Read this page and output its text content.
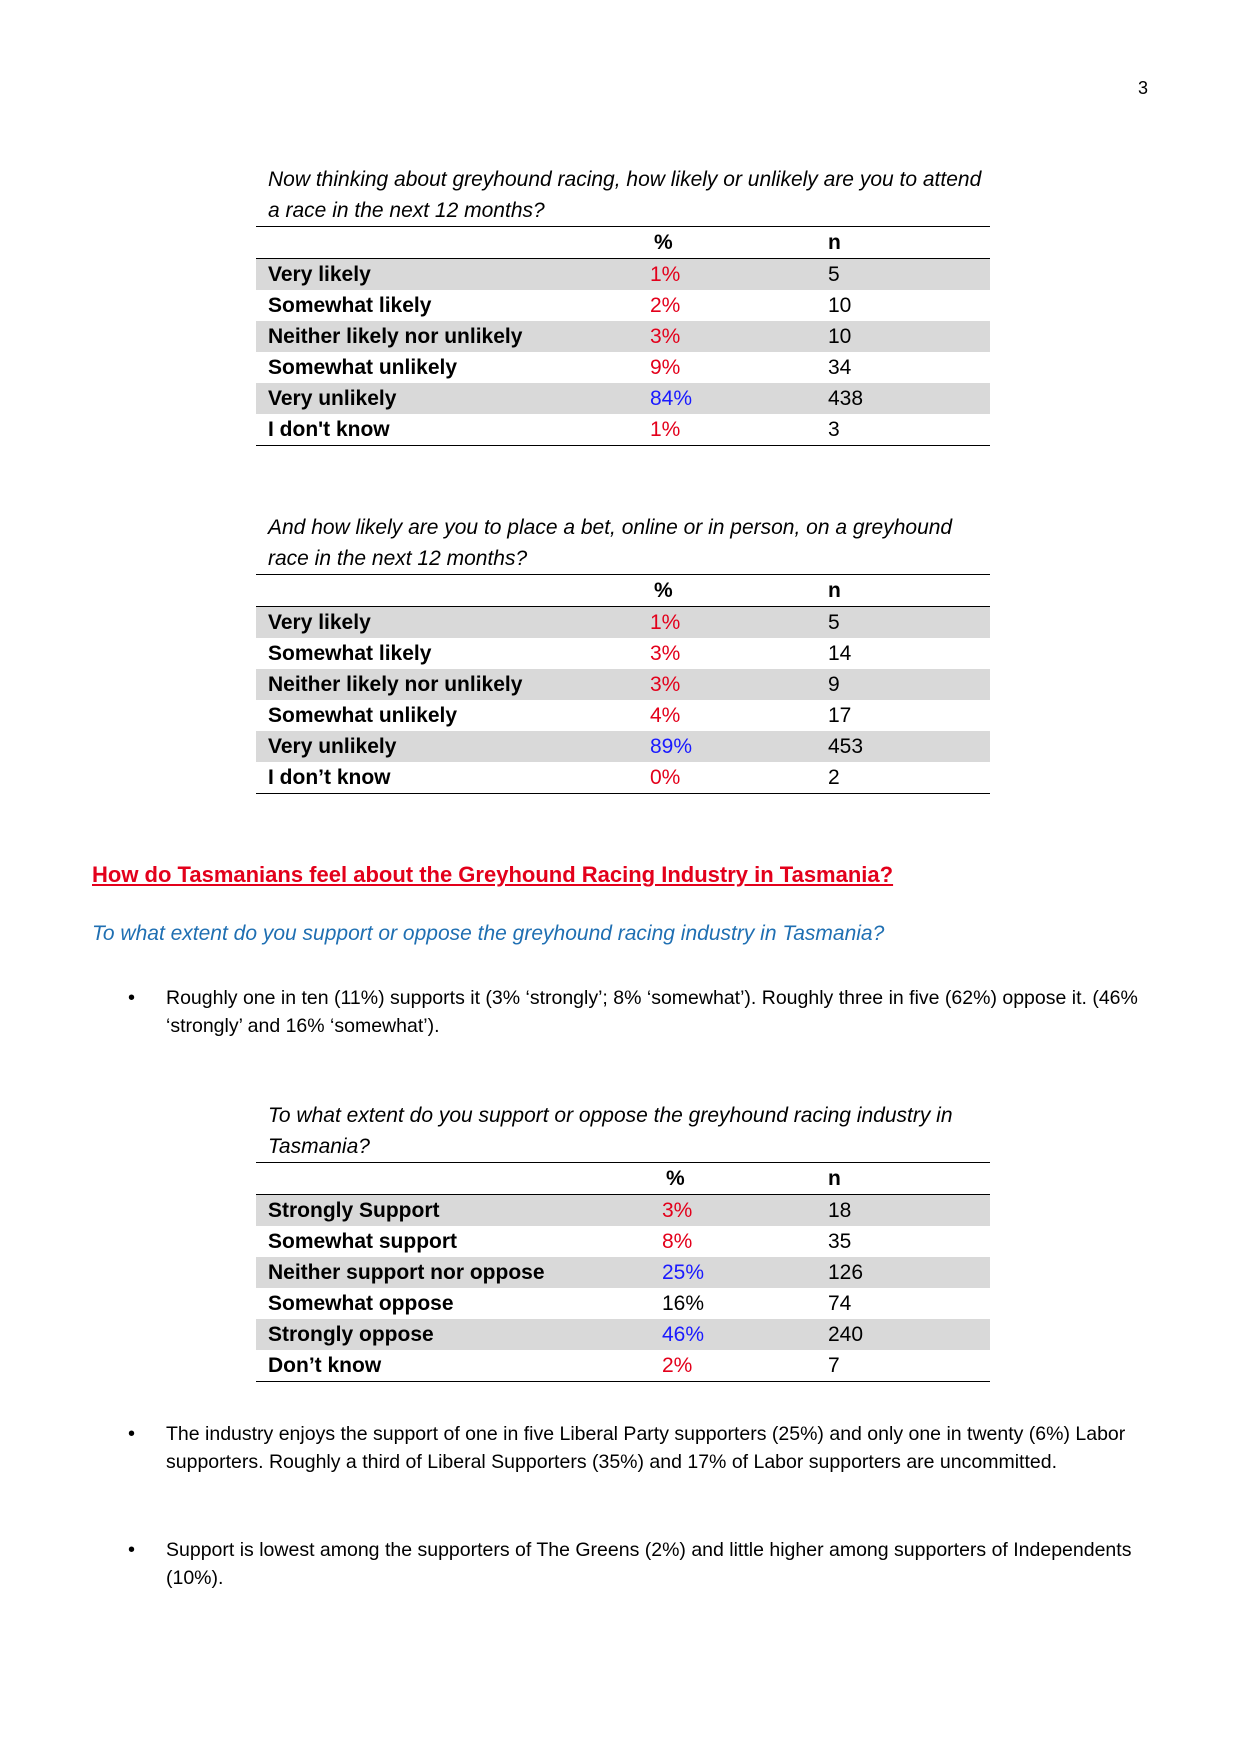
3

Now thinking about greyhound racing, how likely or unlikely are you to attend a race in the next 12 months?

	%	n
Very likely	1%	5
Somewhat likely	2%	10
Neither likely nor unlikely	3%	10
Somewhat unlikely	9%	34
Very unlikely	84%	438
I don't know	1%	3

And how likely are you to place a bet, online or in person, on a greyhound race in the next 12 months?

	%	n
Very likely	1%	5
Somewhat likely	3%	14
Neither likely nor unlikely	3%	9
Somewhat unlikely	4%	17
Very unlikely	89%	453
I don’t know	0%	2
How do Tasmanians feel about the Greyhound Racing Industry in Tasmania?

To what extent do you support or oppose the greyhound racing industry in Tasmania?

• Roughly one in ten (11%) supports it (3% ‘strongly’; 8% ‘somewhat’). Roughly three in five (62%) oppose it. (46% ‘strongly’ and 16% ‘somewhat’).

To what extent do you support or oppose the greyhound racing industry in Tasmania?

	%	n
Strongly Support	3%	18
Somewhat support	8%	35
Neither support nor oppose	25%	126
Somewhat oppose	16%	74
Strongly oppose	46%	240
Don’t know	2%	7
• The industry enjoys the support of one in five Liberal Party supporters (25%) and only one in twenty (6%) Labor supporters. Roughly a third of Liberal Supporters (35%) and 17% of Labor supporters are uncommitted.
• Support is lowest among the supporters of The Greens (2%) and little higher among supporters of Independents (10%).
